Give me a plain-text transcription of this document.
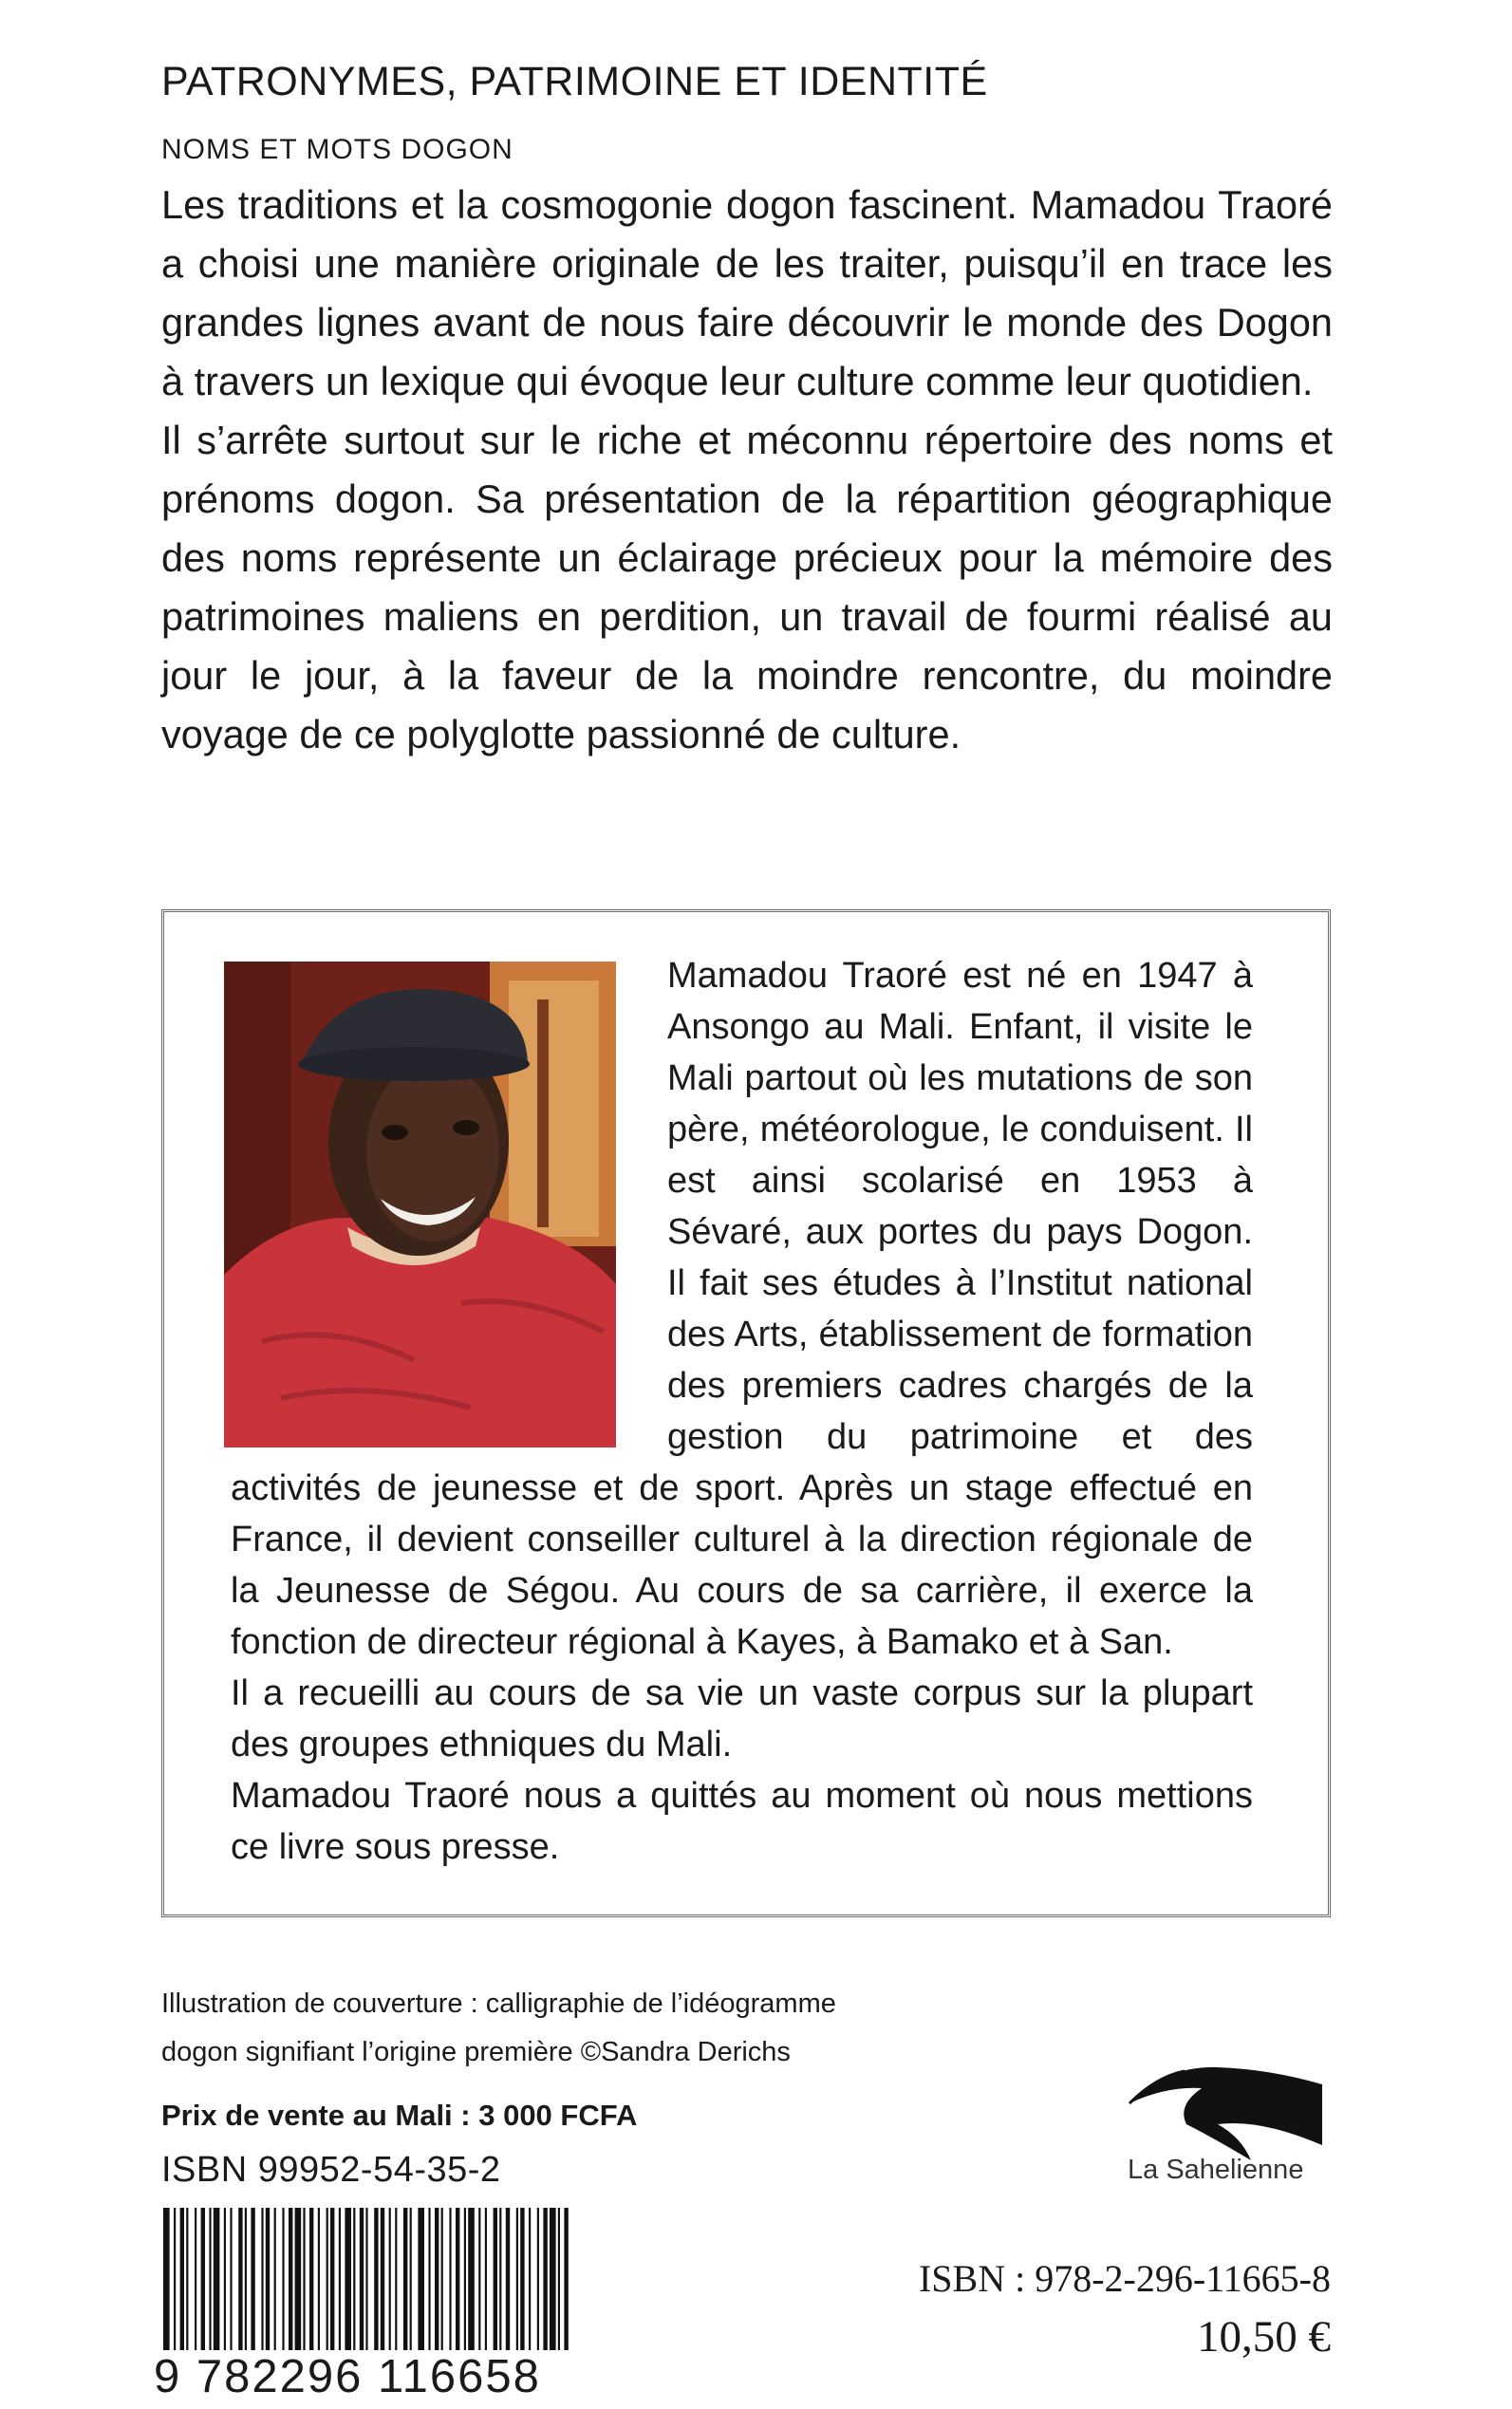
PATRONYMES, PATRIMOINE ET IDENTITÉ
NOMS ET MOTS DOGON

Les traditions et la cosmogonie dogon fascinent. Mamadou Traoré a choisi une manière originale de les traiter, puisqu’il en trace les grandes lignes avant de nous faire découvrir le monde des Dogon à travers un lexique qui évoque leur culture comme leur quotidien.

Il s’arrête surtout sur le riche et méconnu répertoire des noms et prénoms dogon. Sa présentation de la répartition géographique des noms représente un éclairage précieux pour la mémoire des patrimoines maliens en perdition, un travail de fourmi réalisé au jour le jour, à la faveur de la moindre rencontre, du moindre voyage de ce polyglotte passionné de culture.

Mamadou Traoré est né en 1947 à Ansongo au Mali. Enfant, il visite le Mali partout où les mutations de son père, météorologue, le conduisent. Il est ainsi scolarisé en 1953 à Sévaré, aux portes du pays Dogon. Il fait ses études à l’Institut national des Arts, établissement de formation des premiers cadres chargés de la gestion du patrimoine et des activités de jeunesse et de sport. Après un stage effectué en France, il devient conseiller culturel à la direction régionale de la Jeunesse de Ségou. Au cours de sa carrière, il exerce la fonction de directeur régional à Kayes, à Bamako et à San.

Il a recueilli au cours de sa vie un vaste corpus sur la plupart des groupes ethniques du Mali.

Mamadou Traoré nous a quittés au moment où nous mettions ce livre sous presse.

Illustration de couverture : calligraphie de l’idéogramme
dogon signifiant l’origine première ©Sandra Derichs
Prix de vente au Mali : 3 000 FCFA
ISBN 99952-54-35-2
9 782296 116658
La Sahelienne
ISBN : 978-2-296-11665-8
10,50 €
